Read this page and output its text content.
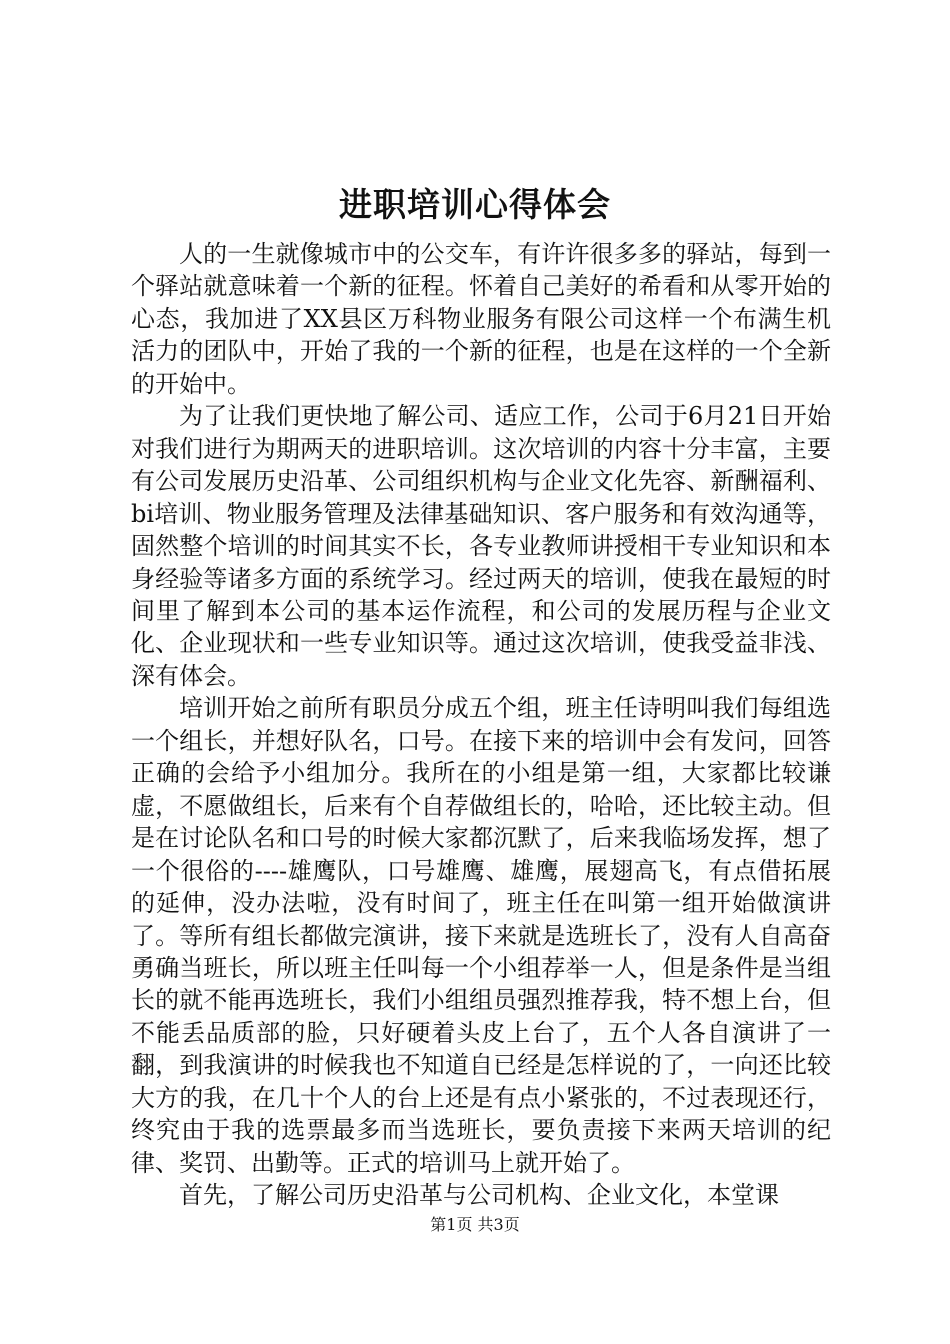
进职培训心得体会

人的一生就像城市中的公交车，有许许很多多的驿站，每到一个驿站就意味着一个新的征程。怀着自己美好的希看和从零开始的心态，我加进了XX县区万科物业服务有限公司这样一个布满生机活力的团队中，开始了我的一个新的征程，也是在这样的一个全新的开始中。

为了让我们更快地了解公司、适应工作，公司于6月21日开始对我们进行为期两天的进职培训。这次培训的内容十分丰富，主要有公司发展历史沿革、公司组织机构与企业文化先容、新酬福利、bi培训、物业服务管理及法律基础知识、客户服务和有效沟通等，固然整个培训的时间其实不长，各专业教师讲授相干专业知识和本身经验等诸多方面的系统学习。经过两天的培训，使我在最短的时间里了解到本公司的基本运作流程，和公司的发展历程与企业文化、企业现状和一些专业知识等。通过这次培训，使我受益非浅、深有体会。

培训开始之前所有职员分成五个组，班主任诗明叫我们每组选一个组长，并想好队名，口号。在接下来的培训中会有发问，回答正确的会给予小组加分。我所在的小组是第一组，大家都比较谦虚，不愿做组长，后来有个自荐做组长的，哈哈，还比较主动。但是在讨论队名和口号的时候大家都沉默了，后来我临场发挥，想了一个很俗的----雄鹰队，口号雄鹰、雄鹰，展翅高飞，有点借拓展的延伸，没办法啦，没有时间了，班主任在叫第一组开始做演讲了。等所有组长都做完演讲，接下来就是选班长了，没有人自高奋勇确当班长，所以班主任叫每一个小组荐举一人，但是条件是当组长的就不能再选班长，我们小组组员强烈推荐我，特不想上台，但不能丢品质部的脸，只好硬着头皮上台了，五个人各自演讲了一翻，到我演讲的时候我也不知道自已经是怎样说的了，一向还比较大方的我，在几十个人的台上还是有点小紧张的，不过表现还行，终究由于我的选票最多而当选班长，要负责接下来两天培训的纪律、奖罚、出勤等。正式的培训马上就开始了。

首先，了解公司历史沿革与公司机构、企业文化，本堂课

第1页 共3页
